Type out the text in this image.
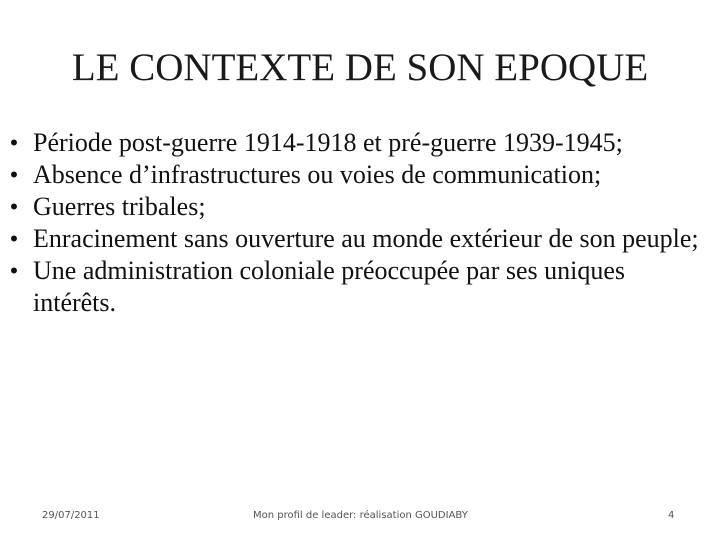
LE CONTEXTE DE SON EPOQUE
• Période post-guerre 1914-1918 et pré-guerre 1939-1945;
• Absence d’infrastructures ou voies de communication;
• Guerres tribales;
• Enracinement sans ouverture au monde extérieur de son peuple;
• Une administration coloniale préoccupée par ses uniques intérêts.
29/07/2011	Mon profil de leader: réalisation GOUDIABY	4
